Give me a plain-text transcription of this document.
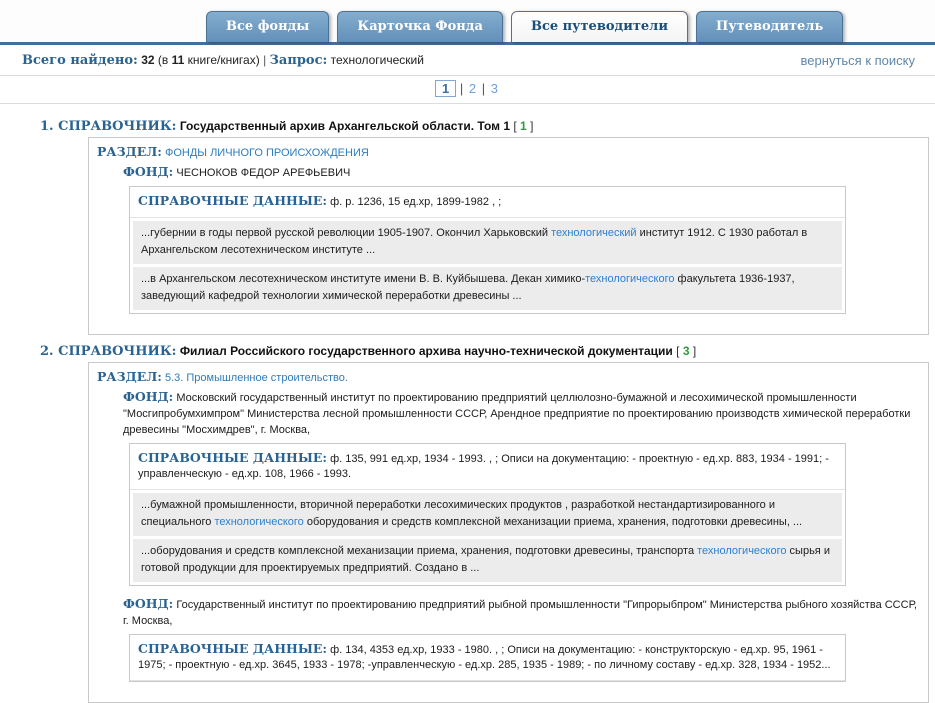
Все фонды	Карточка Фонда	Все путеводители	Путеводитель
вернуться к поиску
Всего найдено: 32 (в 11 книге/книгах) | Запрос: технологический
1 | 2 | 3
1. СПРАВОЧНИК: Государственный архив Архангельской области. Том 1 [ 1 ]
РАЗДЕЛ: ФОНДЫ ЛИЧНОГО ПРОИСХОЖДЕНИЯ
ФОНД: ЧЕСНОКОВ ФЕДОР АРЕФЬЕВИЧ
СПРАВОЧНЫЕ ДАННЫЕ: ф. р. 1236, 15 ед.хр, 1899-1982 , ;
...губернии в годы первой русской революции 1905-1907. Окончил Харьковский технологический институт 1912. С 1930 работал в Архангельском лесотехническом институте ...
...в Архангельском лесотехническом институте имени В. В. Куйбышева. Декан химико-технологического факультета 1936-1937, заведующий кафедрой технологии химической переработки древесины ...
2. СПРАВОЧНИК: Филиал Российского государственного архива научно-технической документации [ 3 ]
РАЗДЕЛ: 5.3. Промышленное строительство.
ФОНД: Московский государственный институт по проектированию предприятий целлюлозно-бумажной и лесохимической промышленности "Мосгипробумхимпром" Министерства лесной промышленности СССР, Арендное предприятие по проектированию производств химической переработки древесины "Мосхимдрев", г. Москва,
СПРАВОЧНЫЕ ДАННЫЕ: ф. 135, 991 ед.хр, 1934 - 1993. , ; Описи на документацию: - проектную - ед.хр. 883, 1934 - 1991; - управленческую - ед.хр. 108, 1966 - 1993.
...бумажной промышленности, вторичной переработки лесохимических продуктов , разработкой нестандартизированного и специального технологического оборудования и средств комплексной механизации приема, хранения, подготовки древесины, ...
...оборудования и средств комплексной механизации приема, хранения, подготовки древесины, транспорта технологического сырья и готовой продукции для проектируемых предприятий. Создано в ...
ФОНД: Государственный институт по проектированию предприятий рыбной промышленности "Гипрорыбпром" Министерства рыбного хозяйства СССР, г. Москва,
СПРАВОЧНЫЕ ДАННЫЕ: ф. 134, 4353 ед.хр, 1933 - 1980. , ; Описи на документацию: - конструкторскую - ед.хр. 95, 1961 - 1975; - проектную - ед.хр. 3645, 1933 - 1978; -управленческую - ед.хр. 285, 1935 - 1989; - по личному составу - ед.хр. 328, 1934 - 1952...
